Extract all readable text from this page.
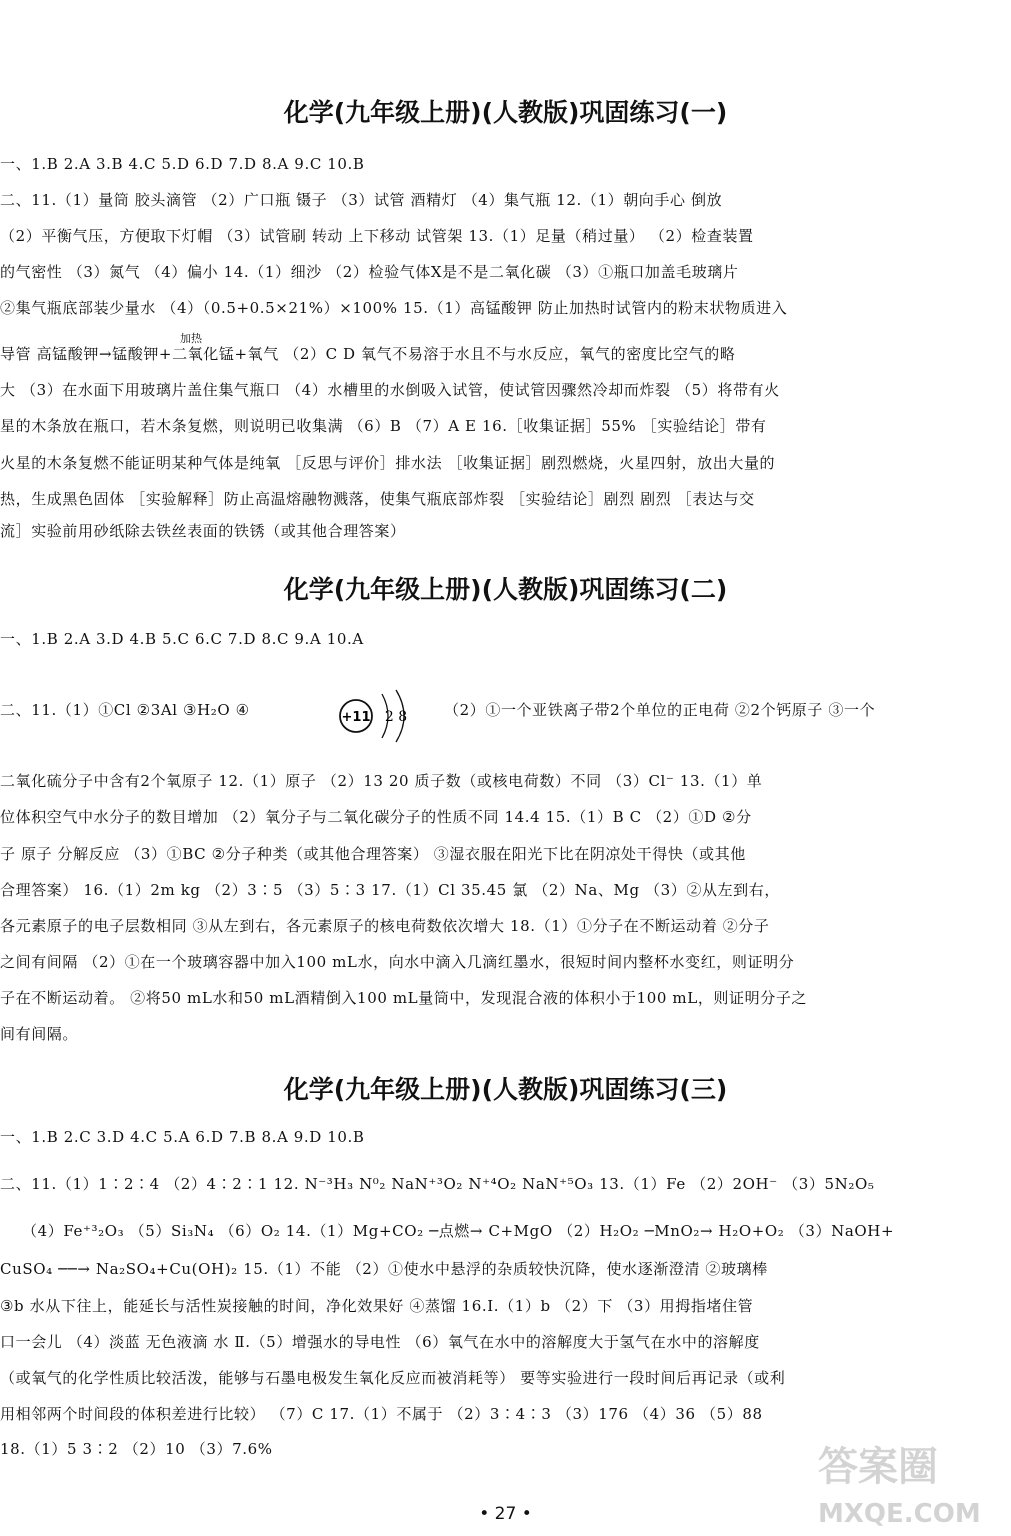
化学(九年级上册)(人教版)巩固练习(一)
一、1.B 2.A 3.B 4.C 5.D 6.D 7.D 8.A 9.C 10.B
二、11.（1）量筒 胶头滴管 （2）广口瓶 镊子 （3）试管 酒精灯 （4）集气瓶 12.（1）朝向手心 倒放
（2）平衡气压，方便取下灯帽 （3）试管刷 转动 上下移动 试管架 13.（1）足量（稍过量） （2）检查装置
的气密性 （3）氮气 （4）偏小 14.（1）细沙 （2）检验气体X是不是二氧化碳 （3）①瓶口加盖毛玻璃片
②集气瓶底部装少量水 （4）（0.5+0.5×21%）×100% 15.（1）高锰酸钾 防止加热时试管内的粉末状物质进入
导管 高锰酸钾→锰酸钾+二氧化锰+氧气 （2）C D 氧气不易溶于水且不与水反应，氧气的密度比空气的略
加热
大 （3）在水面下用玻璃片盖住集气瓶口 （4）水槽里的水倒吸入试管，使试管因骤然冷却而炸裂 （5）将带有火
星的木条放在瓶口，若木条复燃，则说明已收集满 （6）B （7）A E 16.［收集证据］55% ［实验结论］带有
火星的木条复燃不能证明某种气体是纯氧 ［反思与评价］排水法 ［收集证据］剧烈燃烧，火星四射，放出大量的
热，生成黑色固体 ［实验解释］防止高温熔融物溅落，使集气瓶底部炸裂 ［实验结论］剧烈 剧烈 ［表达与交
流］实验前用砂纸除去铁丝表面的铁锈（或其他合理答案）
化学(九年级上册)(人教版)巩固练习(二)
一、1.B 2.A 3.D 4.B 5.C 6.C 7.D 8.C 9.A 10.A
二、11.（1）①Cl ②3Al ③H₂O ④	+11 2 8 （2）①一个亚铁离子带2个单位的正电荷 ②2个钙原子 ③一个
二氧化硫分子中含有2个氧原子 12.（1）原子 （2）13 20 质子数（或核电荷数）不同 （3）Cl⁻ 13.（1）单
位体积空气中水分子的数目增加 （2）氧分子与二氧化碳分子的性质不同 14.4 15.（1）B C （2）①D ②分
子 原子 分解反应 （3）①BC ②分子种类（或其他合理答案） ③湿衣服在阳光下比在阴凉处干得快（或其他
合理答案） 16.（1）2m kg （2）3∶5 （3）5∶3 17.（1）Cl 35.45 氯 （2）Na、Mg （3）②从左到右，
各元素原子的电子层数相同 ③从左到右，各元素原子的核电荷数依次增大 18.（1）①分子在不断运动着 ②分子
之间有间隔 （2）①在一个玻璃容器中加入100 mL水，向水中滴入几滴红墨水，很短时间内整杯水变红，则证明分
子在不断运动着。 ②将50 mL水和50 mL酒精倒入100 mL量筒中，发现混合液的体积小于100 mL，则证明分子之
间有间隔。
化学(九年级上册)(人教版)巩固练习(三)
一、1.B 2.C 3.D 4.C 5.A 6.D 7.B 8.A 9.D 10.B
二、11.（1）1∶2∶4 （2）4∶2∶1 12. N⁻³H₃ N⁰₂ NaN⁺³O₂ N⁺⁴O₂ NaN⁺⁵O₃ 13.（1）Fe （2）2OH⁻ （3）5N₂O₅
（4）Fe⁺³₂O₃ （5）Si₃N₄ （6）O₂ 14.（1）Mg+CO₂ ─点燃→ C+MgO （2）H₂O₂ ─MnO₂→ H₂O+O₂ （3）NaOH+
CuSO₄ ──→ Na₂SO₄+Cu(OH)₂ 15.（1）不能 （2）①使水中悬浮的杂质较快沉降，使水逐渐澄清 ②玻璃棒
③b 水从下往上，能延长与活性炭接触的时间，净化效果好 ④蒸馏 16.Ⅰ.（1）b （2）下 （3）用拇指堵住管
口一会儿 （4）淡蓝 无色液滴 水 Ⅱ.（5）增强水的导电性 （6）氧气在水中的溶解度大于氢气在水中的溶解度
（或氧气的化学性质比较活泼，能够与石墨电极发生氧化反应而被消耗等） 要等实验进行一段时间后再记录（或利
用相邻两个时间段的体积差进行比较） （7）C 17.（1）不属于 （2）3∶4∶3 （3）176 （4）36 （5）88
18.（1）5 3∶2 （2）10 （3）7.6%
• 27 •
答案圈
MXQE.COM
